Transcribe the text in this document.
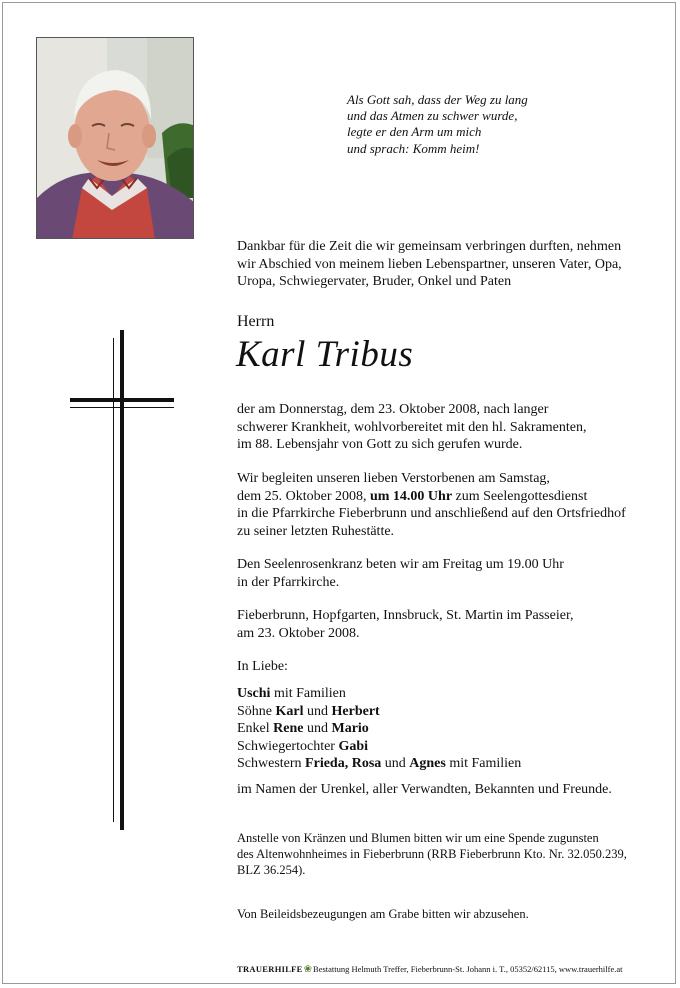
Als Gott sah, dass der Weg zu lang
und das Atmen zu schwer wurde,
legte er den Arm um mich
und sprach: Komm heim!
Dankbar für die Zeit die wir gemeinsam verbringen durften, nehmen
wir Abschied von meinem lieben Lebenspartner, unseren Vater, Opa,
Uropa, Schwiegervater, Bruder, Onkel und Paten
Herrn
Karl Tribus
der am Donnerstag, dem 23. Oktober 2008, nach langer
schwerer Krankheit, wohlvorbereitet mit den hl. Sakramenten,
im 88. Lebensjahr von Gott zu sich gerufen wurde.
Wir begleiten unseren lieben Verstorbenen am Samstag,
dem 25. Oktober 2008, um 14.00 Uhr zum Seelengottesdienst
in die Pfarrkirche Fieberbrunn und anschließend auf den Ortsfriedhof
zu seiner letzten Ruhestätte.
Den Seelenrosenkranz beten wir am Freitag um 19.00 Uhr
in der Pfarrkirche.
Fieberbrunn, Hopfgarten, Innsbruck, St. Martin im Passeier,
am 23. Oktober 2008.
In Liebe:
Uschi mit Familien
Söhne Karl und Herbert
Enkel Rene und Mario
Schwiegertochter Gabi
Schwestern Frieda, Rosa und Agnes mit Familien
im Namen der Urenkel, aller Verwandten, Bekannten und Freunde.
Anstelle von Kränzen und Blumen bitten wir um eine Spende zugunsten
des Altenwohnheimes in Fieberbrunn (RRB Fieberbrunn Kto. Nr. 32.050.239,
BLZ 36.254).
Von Beileidsbezeugungen am Grabe bitten wir abzusehen.
TRAUERHILFE❀Bestattung Helmuth Treffer, Fieberbrunn-St. Johann i. T., 05352/62115, www.trauerhilfe.at
